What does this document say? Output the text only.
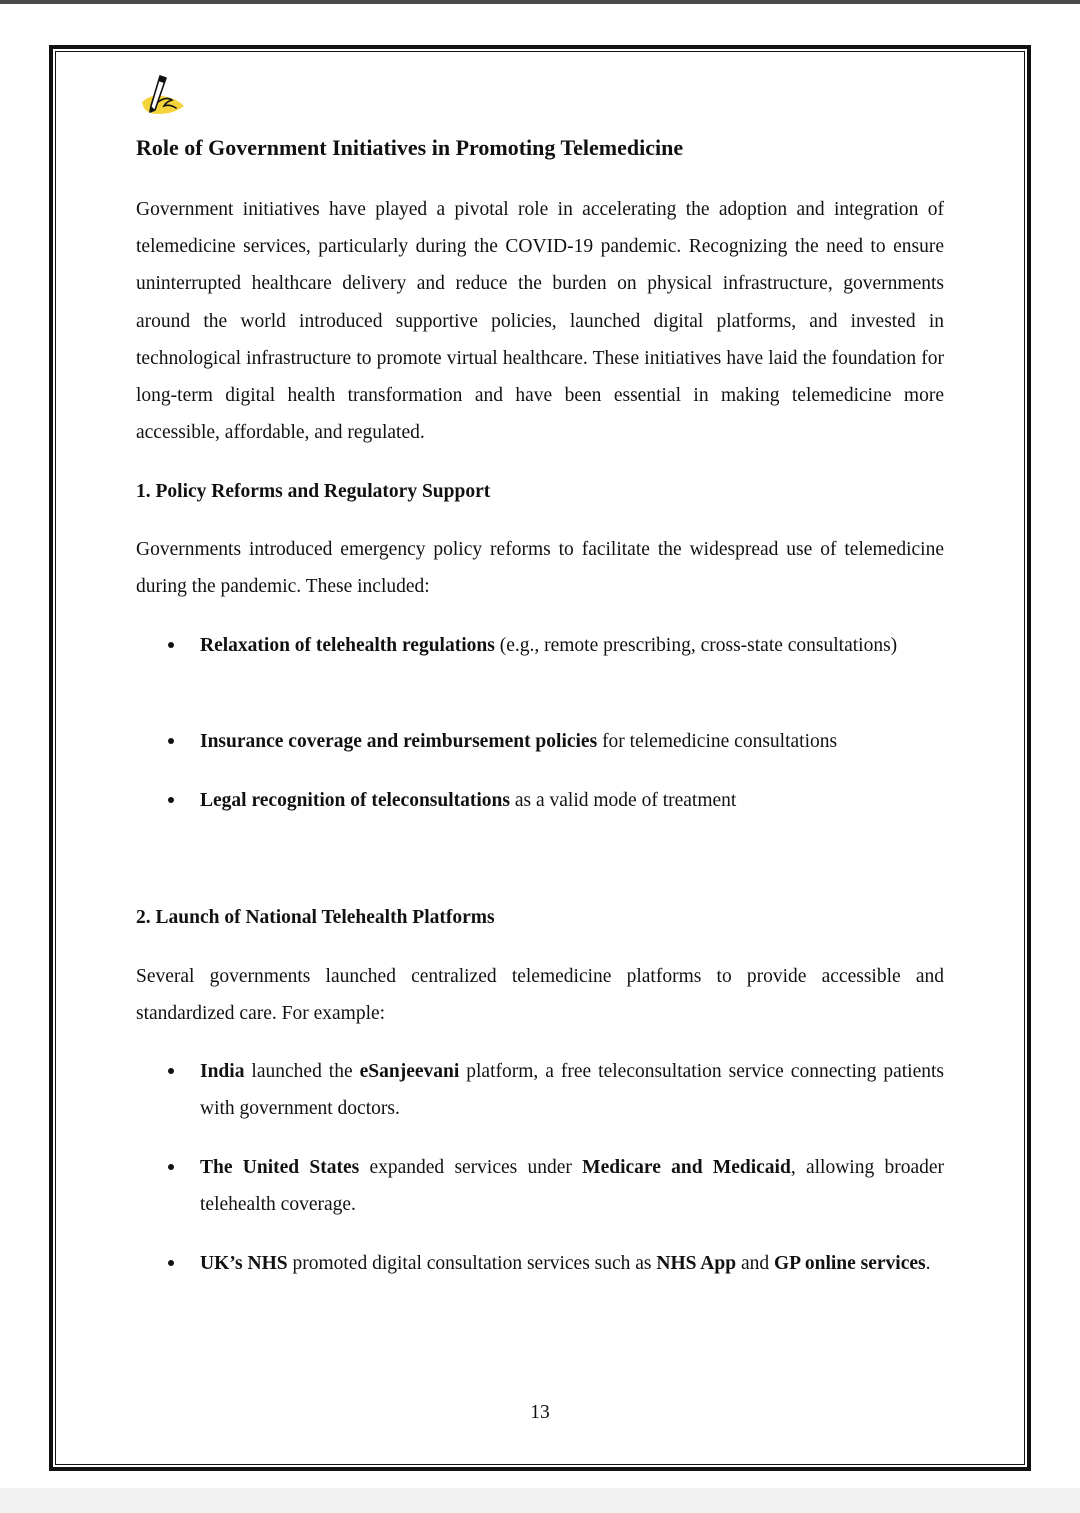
Role of Government Initiatives in Promoting Telemedicine

Government initiatives have played a pivotal role in accelerating the adoption and integration of telemedicine services, particularly during the COVID-19 pandemic. Recognizing the need to ensure uninterrupted healthcare delivery and reduce the burden on physical infrastructure, governments around the world introduced supportive policies, launched digital platforms, and invested in technological infrastructure to promote virtual healthcare. These initiatives have laid the foundation for long-term digital health transformation and have been essential in making telemedicine more accessible, affordable, and regulated.

1. Policy Reforms and Regulatory Support

Governments introduced emergency policy reforms to facilitate the widespread use of telemedicine during the pandemic. These included:

Relaxation of telehealth regulations (e.g., remote prescribing, cross-state consultations)

Insurance coverage and reimbursement policies for telemedicine consultations

Legal recognition of teleconsultations as a valid mode of treatment

2. Launch of National Telehealth Platforms

Several governments launched centralized telemedicine platforms to provide accessible and standardized care. For example:

India launched the eSanjeevani platform, a free teleconsultation service connecting patients with government doctors.

The United States expanded services under Medicare and Medicaid, allowing broader telehealth coverage.

UK’s NHS promoted digital consultation services such as NHS App and GP online services.

13
